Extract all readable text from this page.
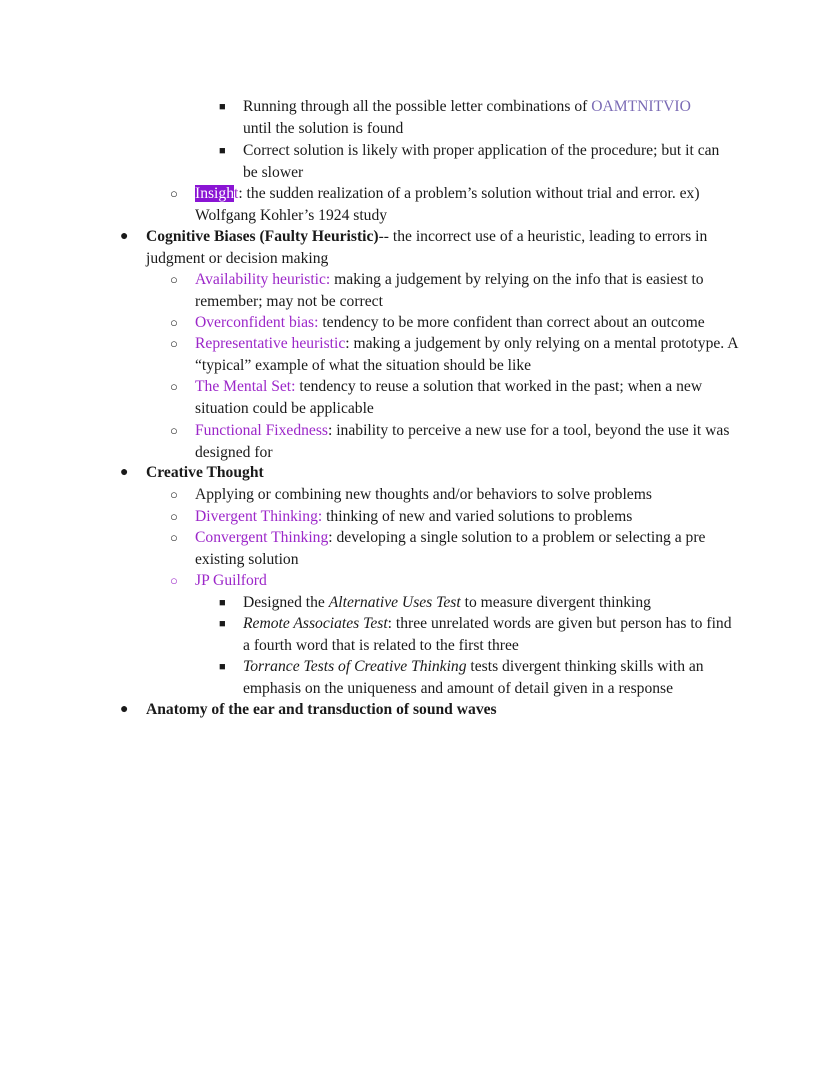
■ Running through all the possible letter combinations of OAMTNITVIO
until the solution is found
■ Correct solution is likely with proper application of the procedure; but it can be slower
○ Insight: the sudden realization of a problem’s solution without trial and error. ex) Wolfgang Kohler’s 1924 study
● Cognitive Biases (Faulty Heuristic)-- the incorrect use of a heuristic, leading to errors in judgment or decision making
○ Availability heuristic: making a judgement by relying on the info that is easiest to remember; may not be correct
○ Overconfident bias: tendency to be more confident than correct about an outcome
○ Representative heuristic: making a judgement by only relying on a mental prototype. A “typical” example of what the situation should be like
○ The Mental Set: tendency to reuse a solution that worked in the past; when a new situation could be applicable
○ Functional Fixedness: inability to perceive a new use for a tool, beyond the use it was designed for
● Creative Thought
○ Applying or combining new thoughts and/or behaviors to solve problems
○ Divergent Thinking: thinking of new and varied solutions to problems
○ Convergent Thinking: developing a single solution to a problem or selecting a pre existing solution
○ JP Guilford
■ Designed the Alternative Uses Test to measure divergent thinking
■ Remote Associates Test: three unrelated words are given but person has to find a fourth word that is related to the first three
■ Torrance Tests of Creative Thinking tests divergent thinking skills with an emphasis on the uniqueness and amount of detail given in a response
● Anatomy of the ear and transduction of sound waves
